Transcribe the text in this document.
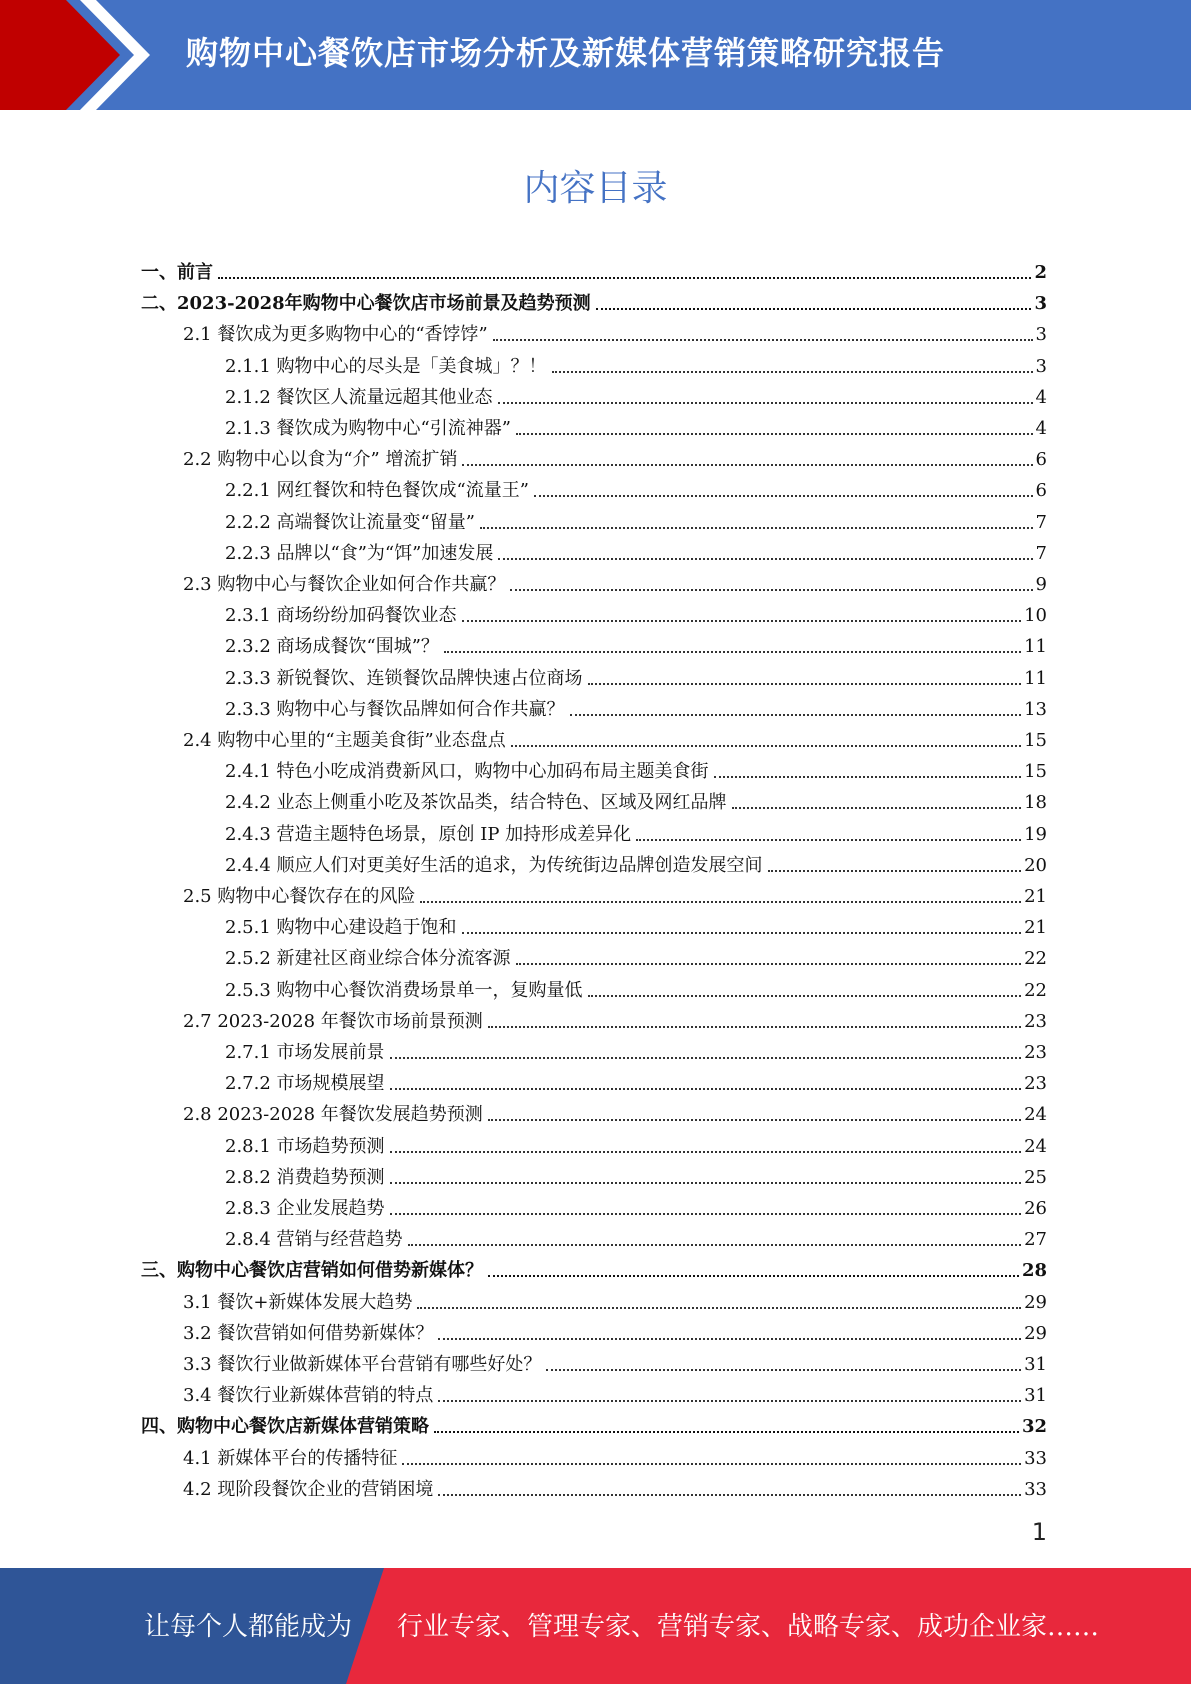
购物中心餐饮店市场分析及新媒体营销策略研究报告
内容目录
一、前言	2
二、2023-2028年购物中心餐饮店市场前景及趋势预测	3
2.1 餐饮成为更多购物中心的“香饽饽”	3
2.1.1 购物中心的尽头是「美食城」？！	3
2.1.2 餐饮区人流量远超其他业态	4
2.1.3 餐饮成为购物中心“引流神器”	4
2.2 购物中心以食为“介” 增流扩销	6
2.2.1 网红餐饮和特色餐饮成“流量王”	6
2.2.2 高端餐饮让流量变“留量”	7
2.2.3 品牌以“食”为“饵”加速发展	7
2.3 购物中心与餐饮企业如何合作共赢？	9
2.3.1 商场纷纷加码餐饮业态	10
2.3.2 商场成餐饮“围城”？	11
2.3.3 新锐餐饮、连锁餐饮品牌快速占位商场	11
2.3.3 购物中心与餐饮品牌如何合作共赢？	13
2.4 购物中心里的“主题美食街”业态盘点	15
2.4.1 特色小吃成消费新风口，购物中心加码布局主题美食街	15
2.4.2 业态上侧重小吃及茶饮品类，结合特色、区域及网红品牌	18
2.4.3 营造主题特色场景，原创 IP 加持形成差异化	19
2.4.4 顺应人们对更美好生活的追求，为传统街边品牌创造发展空间	20
2.5 购物中心餐饮存在的风险	21
2.5.1 购物中心建设趋于饱和	21
2.5.2 新建社区商业综合体分流客源	22
2.5.3 购物中心餐饮消费场景单一，复购量低	22
2.7 2023-2028 年餐饮市场前景预测	23
2.7.1 市场发展前景	23
2.7.2 市场规模展望	23
2.8 2023-2028 年餐饮发展趋势预测	24
2.8.1 市场趋势预测	24
2.8.2 消费趋势预测	25
2.8.3 企业发展趋势	26
2.8.4 营销与经营趋势	27
三、购物中心餐饮店营销如何借势新媒体？	28
3.1 餐饮+新媒体发展大趋势	29
3.2 餐饮营销如何借势新媒体？	29
3.3 餐饮行业做新媒体平台营销有哪些好处？	31
3.4 餐饮行业新媒体营销的特点	31
四、购物中心餐饮店新媒体营销策略	32
4.1 新媒体平台的传播特征	33
4.2 现阶段餐饮企业的营销困境	33
1
让每个人都能成为 行业专家、管理专家、营销专家、战略专家、成功企业家……
